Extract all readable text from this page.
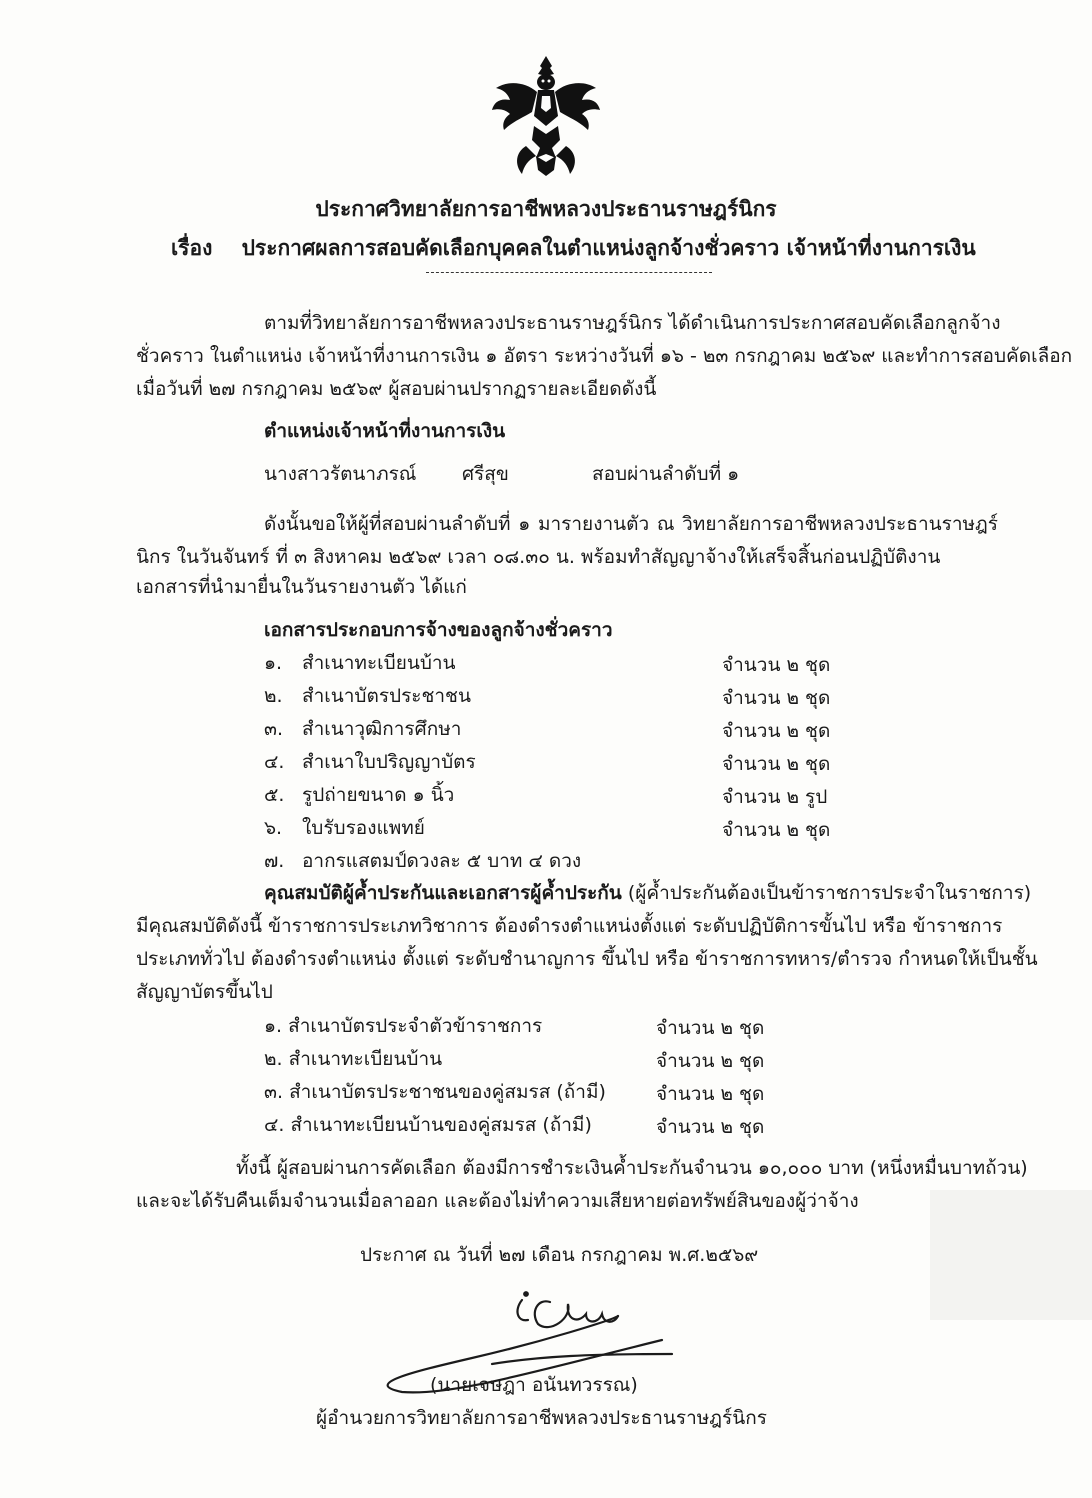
ประกาศวิทยาลัยการอาชีพหลวงประธานราษฎร์นิกร
เรื่อง ประกาศผลการสอบคัดเลือกบุคคลในตำแหน่งลูกจ้างชั่วคราว เจ้าหน้าที่งานการเงิน
ตามที่วิทยาลัยการอาชีพหลวงประธานราษฎร์นิกร ได้ดำเนินการประกาศสอบคัดเลือกลูกจ้าง
ชั่วคราว ในตำแหน่ง เจ้าหน้าที่งานการเงิน ๑ อัตรา ระหว่างวันที่ ๑๖ - ๒๓ กรกฎาคม ๒๕๖๙ และทำการสอบคัดเลือก
เมื่อวันที่ ๒๗ กรกฎาคม ๒๕๖๙ ผู้สอบผ่านปรากฏรายละเอียดดังนี้
ตำแหน่งเจ้าหน้าที่งานการเงิน
นางสาวรัตนาภรณ์ ศรีสุข	สอบผ่านลำดับที่ ๑
ดังนั้นขอให้ผู้ที่สอบผ่านลำดับที่ ๑ มารายงานตัว ณ วิทยาลัยการอาชีพหลวงประธานราษฎร์นิกร ในวันจันทร์ ที่ ๓ สิงหาคม ๒๕๖๙ เวลา ๐๘.๓๐ น. พร้อมทำสัญญาจ้างให้เสร็จสิ้นก่อนปฏิบัติงาน
เอกสารที่นำมายื่นในวันรายงานตัว ได้แก่
เอกสารประกอบการจ้างของลูกจ้างชั่วคราว
๑. สำเนาทะเบียนบ้าน	จำนวน ๒ ชุด
๒. สำเนาบัตรประชาชน	จำนวน ๒ ชุด
๓. สำเนาวุฒิการศึกษา	จำนวน ๒ ชุด
๔. สำเนาใบปริญญาบัตร	จำนวน ๒ ชุด
๕. รูปถ่ายขนาด ๑ นิ้ว	จำนวน ๒ รูป
๖. ใบรับรองแพทย์	จำนวน ๒ ชุด
๗. อากรแสตมป์ดวงละ ๕ บาท ๔ ดวง
คุณสมบัติผู้ค้ำประกันและเอกสารผู้ค้ำประกัน (ผู้ค้ำประกันต้องเป็นข้าราชการประจำในราชการ)
มีคุณสมบัติดังนี้ ข้าราชการประเภทวิชาการ ต้องดำรงตำแหน่งตั้งแต่ ระดับปฏิบัติการขั้นไป หรือ ข้าราชการ
ประเภททั่วไป ต้องดำรงตำแหน่ง ตั้งแต่ ระดับชำนาญการ ขึ้นไป หรือ ข้าราชการทหาร/ตำรวจ กำหนดให้เป็นชั้น
สัญญาบัตรขึ้นไป
๑. สำเนาบัตรประจำตัวข้าราชการ	จำนวน ๒ ชุด
๒. สำเนาทะเบียนบ้าน	จำนวน ๒ ชุด
๓. สำเนาบัตรประชาชนของคู่สมรส (ถ้ามี)	จำนวน ๒ ชุด
๔. สำเนาทะเบียนบ้านของคู่สมรส (ถ้ามี)	จำนวน ๒ ชุด
ทั้งนี้ ผู้สอบผ่านการคัดเลือก ต้องมีการชำระเงินค้ำประกันจำนวน ๑๐,๐๐๐ บาท (หนึ่งหมื่นบาทถ้วน)
และจะได้รับคืนเต็มจำนวนเมื่อลาออก และต้องไม่ทำความเสียหายต่อทรัพย์สินของผู้ว่าจ้าง
ประกาศ ณ วันที่ ๒๗ เดือน กรกฎาคม พ.ศ.๒๕๖๙
(นายเจษฎา อนันทวรรณ)
ผู้อำนวยการวิทยาลัยการอาชีพหลวงประธานราษฎร์นิกร
